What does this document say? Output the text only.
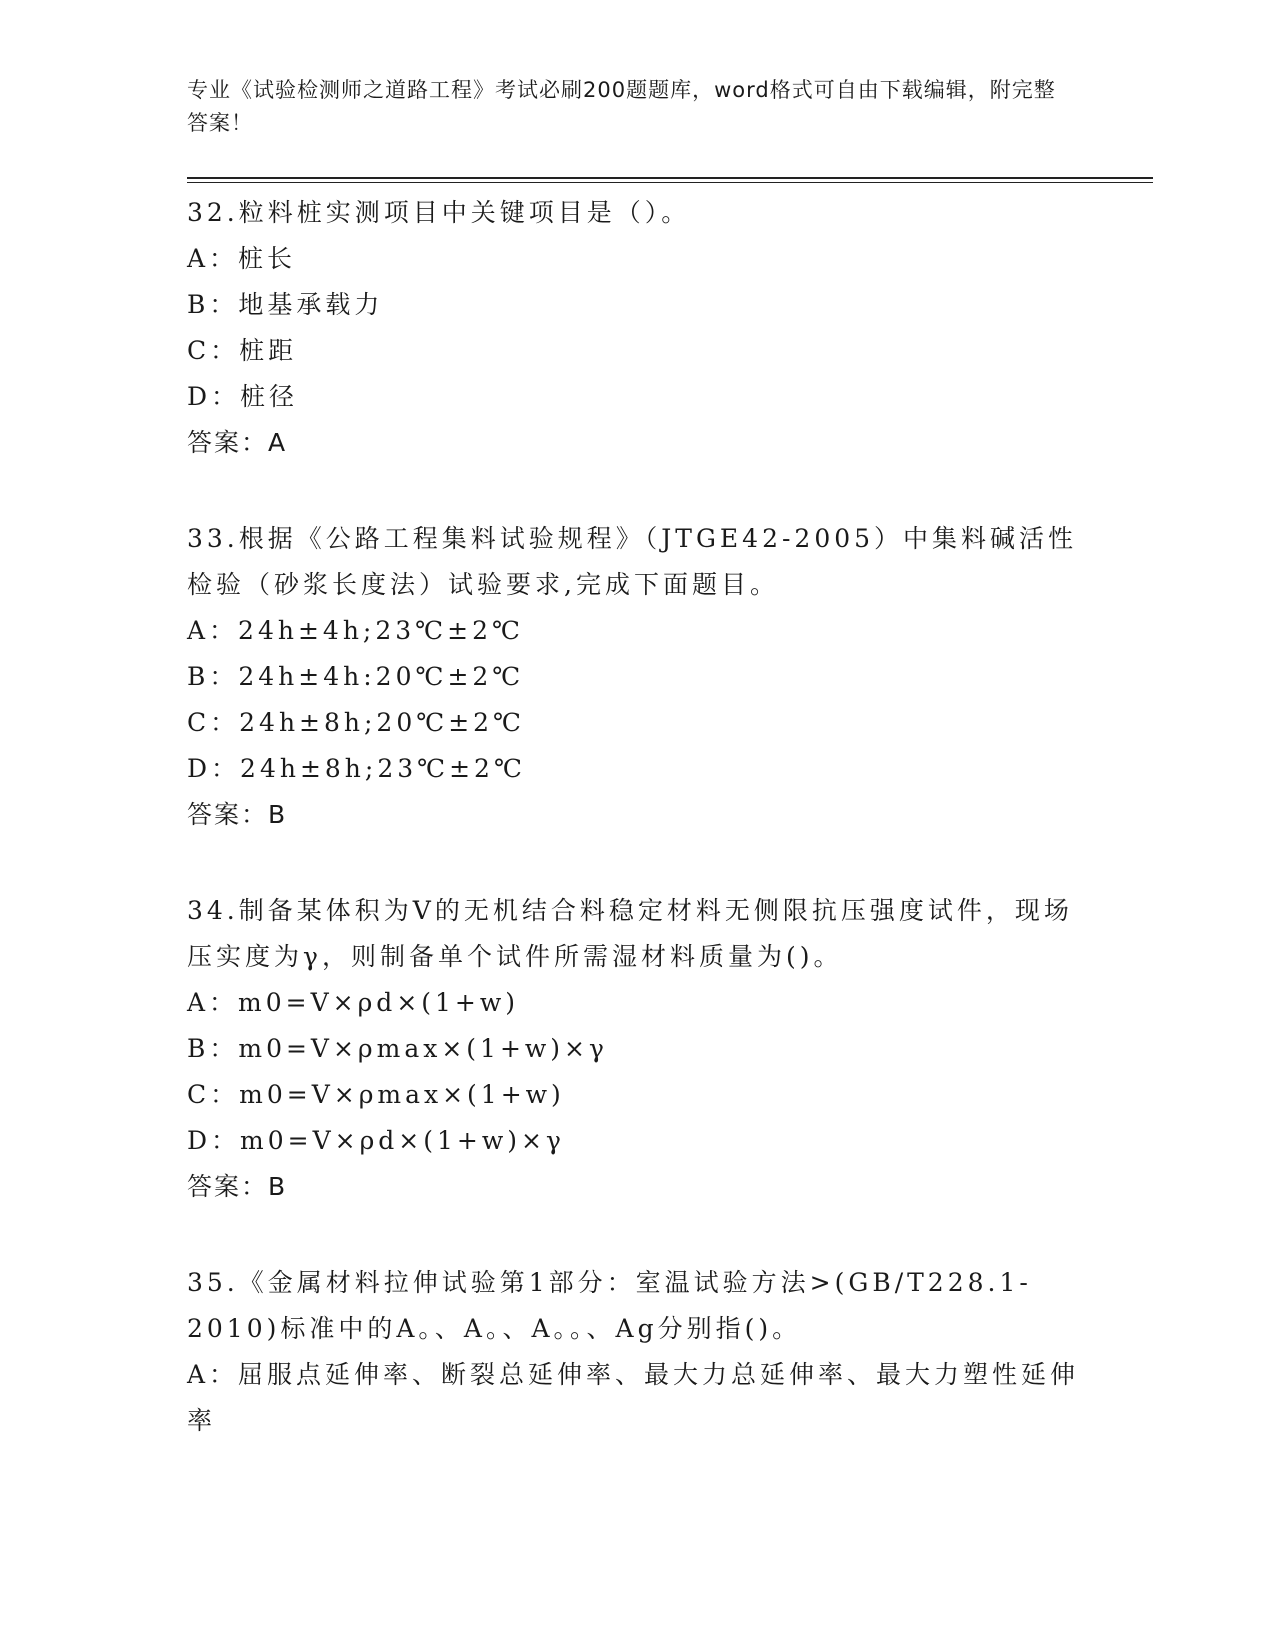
专业《试验检测师之道路工程》考试必刷200题题库，word格式可自由下载编辑，附完整答案！
32.粒料桩实测项目中关键项目是（）。
A：桩长
B：地基承载力
C：桩距
D：桩径
答案：A
33.根据《公路工程集料试验规程》（JTGE42-2005）中集料碱活性检验（砂浆长度法）试验要求,完成下面题目。
A：24h±4h;23℃±2℃
B：24h±4h:20℃±2℃
C：24h±8h;20℃±2℃
D：24h±8h;23℃±2℃
答案：B
34.制备某体积为V的无机结合料稳定材料无侧限抗压强度试件，现场压实度为γ，则制备单个试件所需湿材料质量为()。
A：m0=V×ρd×(1+w)
B：m0=V×ρmax×(1+w)×γ
C：m0=V×ρmax×(1+w)
D：m0=V×ρd×(1+w)×γ
答案：B
35.《金属材料拉伸试验第1部分：室温试验方法>(GB/T228.1-2010)标准中的A。、A。、A。。、Ag分别指()。
A：屈服点延伸率、断裂总延伸率、最大力总延伸率、最大力塑性延伸率
